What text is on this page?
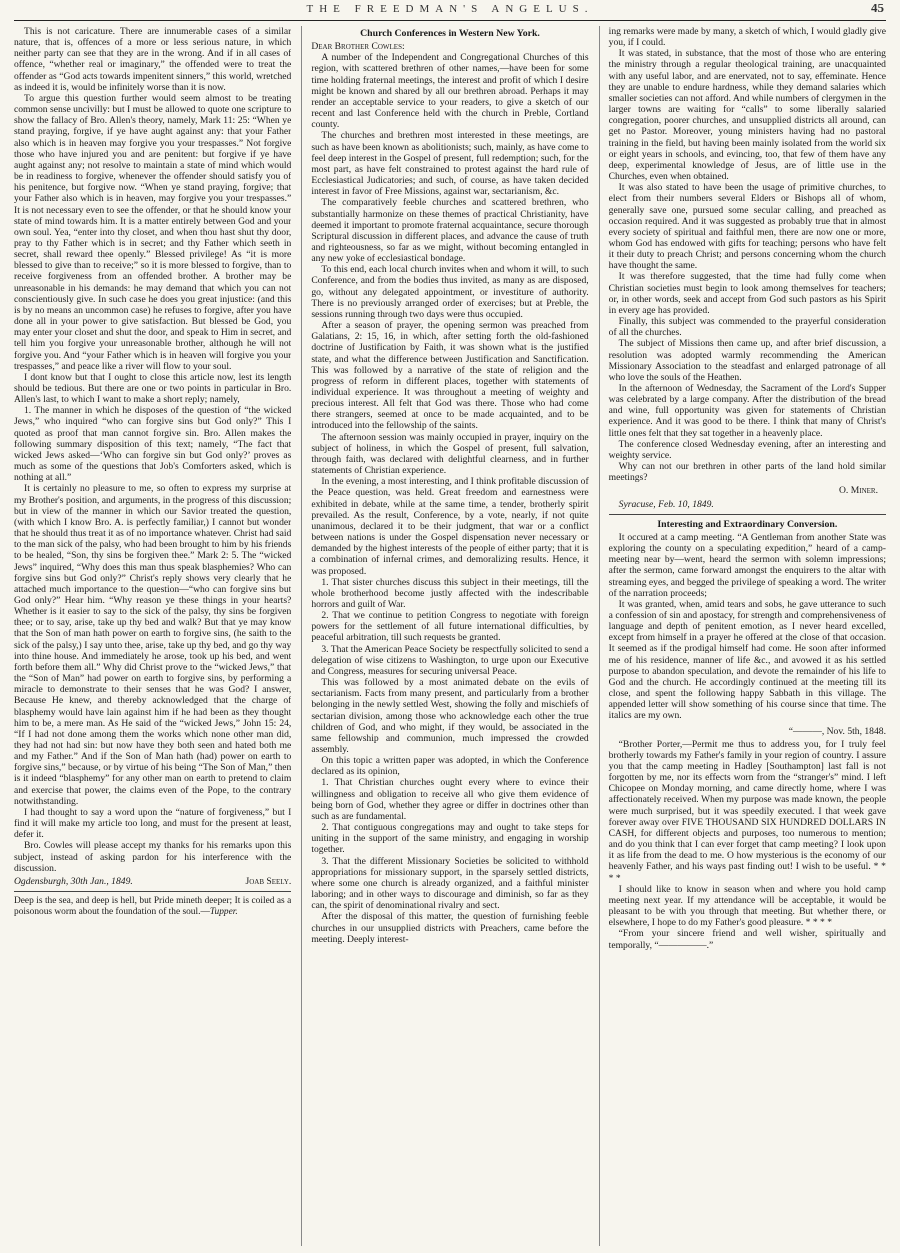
THE FREEDMAN'S ANGELUS.	45

This is not caricature. There are innumerable cases of a similar nature, that is, offences of a more or less serious nature, in which neither party can see that they are in the wrong. And if in all cases of offence, “whether real or imaginary,” the offended were to treat the offender as “God acts towards impenitent sinners,” this world, wretched as indeed it is, would be infinitely worse than it is now.

To argue this question further would seem almost to be treating common sense uncivilly: but I must be allowed to quote one scripture to show the fallacy of Bro. Allen's theory, namely, Mark 11: 25: “When ye stand praying, forgive, if ye have aught against any: that your Father also which is in heaven may forgive you your trespasses.” Not forgive those who have injured you and are penitent: but forgive if ye have aught against any; not resolve to maintain a state of mind which would be in readiness to forgive, whenever the offender should satisfy you of his penitence, but forgive now. “When ye stand praying, forgive; that your Father also which is in heaven, may forgive you your trespasses.” It is not necessary even to see the offender, or that he should know your state of mind towards him. It is a matter entirely between God and your own soul. Yea, “enter into thy closet, and when thou hast shut thy door, pray to thy Father which is in secret; and thy Father which seeth in secret, shall reward thee openly.” Blessed privilege! As “it is more blessed to give than to receive;” so it is more blessed to forgive, than to receive forgiveness from an offended brother. A brother may be unreasonable in his demands: he may demand that which you can not conscientiously give. In such case he does you great injustice: (and this is by no means an uncommon case) he refuses to forgive, after you have done all in your power to give satisfaction. But blessed be God, you may enter your closet and shut the door, and speak to Him in secret, and tell him you forgive your unreasonable brother, although he will not forgive you. And “your Father which is in heaven will forgive you your trespasses,” and peace like a river will flow to your soul.

I dont know but that I ought to close this article now, lest its length should be tedious. But there are one or two points in particular in Bro. Allen's last, to which I want to make a short reply; namely,

1. The manner in which he disposes of the question of “the wicked Jews,” who inquired “who can forgive sins but God only?” This I quoted as proof that man cannot forgive sin. Bro. Allen makes the following summary disposition of this text; namely, “The fact that wicked Jews asked—‘Who can forgive sin but God only?’ proves as much as some of the questions that Job's Comforters asked, which is nothing at all.”

It is certainly no pleasure to me, so often to express my surprise at my Brother's position, and arguments, in the progress of this discussion; but in view of the manner in which our Savior treated the question, (with which I know Bro. A. is perfectly familiar,) I cannot but wonder that he should thus treat it as of no importance whatever. Christ had said to the man sick of the palsy, who had been brought to him by his friends to be healed, “Son, thy sins be forgiven thee.” Mark 2: 5. The “wicked Jews” inquired, “Why does this man thus speak blasphemies? Who can forgive sins but God only?” Christ's reply shows very clearly that he attached much importance to the question—“who can forgive sins but God only?” Hear him. “Why reason ye these things in your hearts? Whether is it easier to say to the sick of the palsy, thy sins be forgiven thee; or to say, arise, take up thy bed and walk? But that ye may know that the Son of man hath power on earth to forgive sins, (he saith to the sick of the palsy,) I say unto thee, arise, take up thy bed, and go thy way into thine house. And immediately he arose, took up his bed, and went forth before them all.” Why did Christ prove to the “wicked Jews,” that the “Son of Man” had power on earth to forgive sins, by performing a miracle to demonstrate to their senses that he was God? I answer, Because He knew, and thereby acknowledged that the charge of blasphemy would have lain against him if he had been as they thought him to be, a mere man. As He said of the “wicked Jews,” John 15: 24, “If I had not done among them the works which none other man did, they had not had sin: but now have they both seen and hated both me and my Father.” And if the Son of Man hath (had) power on earth to forgive sins,” because, or by virtue of his being “The Son of Man,” then is it indeed “blasphemy” for any other man on earth to pretend to claim and exercise that power, the claims even of the Pope, to the contrary notwithstanding.

I had thought to say a word upon the “nature of forgiveness,” but I find it will make my article too long, and must for the present at least, defer it.

Bro. Cowles will please accept my thanks for his remarks upon this subject, instead of asking pardon for his interference with the discussion.

Ogdensburgh, 30th Jan., 1849.	Joab Seely.

Deep is the sea, and deep is hell, but Pride mineth deeper; It is coiled as a poisonous worm about the foundation of the soul.—Tupper.

Church Conferences in Western New York.

Dear Brother Cowles:

A number of the Independent and Congregational Churches of this region, with scattered brethren of other names,—have been for some time holding fraternal meetings, the interest and profit of which I desire might be known and shared by all our brethren abroad. Perhaps it may render an acceptable service to your readers, to give a sketch of our recent and last Conference held with the church in Preble, Cortland county.

The churches and brethren most interested in these meetings, are such as have been known as abolitionists; such, mainly, as have come to feel deep interest in the Gospel of present, full redemption; such, for the most part, as have felt constrained to protest against the hard rule of Ecclesiastical Judicatories; and such, of course, as have taken decided interest in favor of Free Missions, against war, sectarianism, &c.

The comparatively feeble churches and scattered brethren, who substantially harmonize on these themes of practical Christianity, have deemed it important to promote fraternal acquaintance, secure thorough Scriptural discussion in different places, and advance the cause of truth and righteousness, so far as we might, without becoming entangled in any new yoke of ecclesiastical bondage.

To this end, each local church invites when and whom it will, to such Conference, and from the bodies thus invited, as many as are disposed, go, without any delegated appointment, or investiture of authority. There is no previously arranged order of exercises; but at Preble, the sessions running through two days were thus occupied.

After a season of prayer, the opening sermon was preached from Galatians, 2: 15, 16, in which, after setting forth the old-fashioned doctrine of Justification by Faith, it was shown what is the justified state, and what the difference between Justification and Sanctification. This was followed by a narrative of the state of religion and the progress of reform in different places, together with statements of individual experience. It was throughout a meeting of weighty and precious interest. All felt that God was there. Those who had come there strangers, seemed at once to be made acquainted, and to be introduced into the fellowship of the saints.

The afternoon session was mainly occupied in prayer, inquiry on the subject of holiness, in which the Gospel of present, full salvation, through faith, was declared with delightful clearness, and in further statements of Christian experience.

In the evening, a most interesting, and I think profitable discussion of the Peace question, was held. Great freedom and earnestness were exhibited in debate, while at the same time, a tender, brotherly spirit prevailed. As the result, Conference, by a vote, nearly, if not quite unanimous, declared it to be their judgment, that war or a conflict between nations is under the Gospel dispensation never necessary or demanded by the highest interests of the people of either party; that it is a combination of infernal crimes, and demoralizing results. Hence, it was proposed.

1. That sister churches discuss this subject in their meetings, till the whole brotherhood become justly affected with the indescribable horrors and guilt of War.

2. That we continue to petition Congress to negotiate with foreign powers for the settlement of all future international difficulties, by peaceful arbitration, till such requests be granted.

3. That the American Peace Society be respectfully solicited to send a delegation of wise citizens to Washington, to urge upon our Executive and Congress, measures for securing universal Peace.

This was followed by a most animated debate on the evils of sectarianism. Facts from many present, and particularly from a brother belonging in the newly settled West, showing the folly and mischiefs of sectarian division, among those who acknowledge each other the true children of God, and who might, if they would, be associated in the same fellowship and communion, much impressed the crowded assembly.

On this topic a written paper was adopted, in which the Conference declared as its opinion,

1. That Christian churches ought every where to evince their willingness and obligation to receive all who give them evidence of being born of God, whether they agree or differ in doctrines other than such as are fundamental.

2. That contiguous congregations may and ought to take steps for uniting in the support of the same ministry, and engaging in worship together.

3. That the different Missionary Societies be solicited to withhold appropriations for missionary support, in the sparsely settled districts, where some one church is already organized, and a faithful minister laboring; and in other ways to discourage and diminish, so far as they can, the spirit of denominational rivalry and sect.

After the disposal of this matter, the question of furnishing feeble churches in our unsupplied districts with Preachers, came before the meeting. Deeply interest-

ing remarks were made by many, a sketch of which, I would gladly give you, if I could.

It was stated, in substance, that the most of those who are entering the ministry through a regular theological training, are unacquainted with any useful labor, and are enervated, not to say, effeminate. Hence they are unable to endure hardness, while they demand salaries which smaller societies can not afford. And while numbers of clergymen in the larger towns are waiting for “calls” to some liberally salaried congregation, poorer churches, and unsupplied districts all around, can get no Pastor. Moreover, young ministers having had no pastoral training in the field, but having been mainly isolated from the world six or eight years in schools, and evincing, too, that few of them have any deep, experimental knowledge of Jesus, are of little use in the Churches, even when obtained.

It was also stated to have been the usage of primitive churches, to elect from their numbers several Elders or Bishops all of whom, generally save one, pursued some secular calling, and preached as occasion required. And it was suggested as probably true that in almost every society of spiritual and faithful men, there are now one or more, whom God has endowed with gifts for teaching; persons who have felt it their duty to preach Christ; and persons concerning whom the church have thought the same.

It was therefore suggested, that the time had fully come when Christian societies must begin to look among themselves for teachers; or, in other words, seek and accept from God such pastors as his Spirit in every age has provided.

Finally, this subject was commended to the prayerful consideration of all the churches.

The subject of Missions then came up, and after brief discussion, a resolution was adopted warmly recommending the American Missionary Association to the steadfast and enlarged patronage of all who love the souls of the Heathen.

In the afternoon of Wednesday, the Sacrament of the Lord's Supper was celebrated by a large company. After the distribution of the bread and wine, full opportunity was given for statements of Christian experience. And it was good to be there. I think that many of Christ's little ones felt that they sat together in a heavenly place.

The conference closed Wednesday evening, after an interesting and weighty service.

Why can not our brethren in other parts of the land hold similar meetings?

O. Miner.

Syracuse, Feb. 10, 1849.

Interesting and Extraordinary Conversion.

It occured at a camp meeting. “A Gentleman from another State was exploring the county on a speculating expedition,” heard of a camp-meeting near by—went, heard the sermon with solemn impressions; after the sermon, came forward amongst the enquirers to the altar with streaming eyes, and begged the privilege of speaking a word. The writer of the narration proceeds;

It was granted, when, amid tears and sobs, he gave utterance to such a confession of sin and apostacy, for strength and comprehensiveness of language and depth of penitent emotion, as I never heard excelled, except from himself in a prayer he offered at the close of that occasion. It seemed as if the prodigal himself had come. He soon after informed me of his residence, manner of life &c., and avowed it as his settled purpose to abandon speculation, and devote the remainder of his life to God and the church. He accordingly continued at the meeting till its close, and spent the following happy Sabbath in this village. The appended letter will show something of his course since that time. The italics are my own.

“———, Nov. 5th, 1848.

“Brother Porter,—Permit me thus to address you, for I truly feel brotherly towards my Father's family in your region of country. I assure you that the camp meeting in Hadley [Southampton] last fall is not forgotten by me, nor its effects worn from the “stranger's” mind. I left Chicopee on Monday morning, and came directly home, where I was affectionately received. When my purpose was made known, the people were much surprised, but it was speedily executed. I that week gave forever away over FIVE THOUSAND SIX HUNDRED DOLLARS IN CASH, for different objects and purposes, too numerous to mention; and do you think that I can ever forget that camp meeting? I look upon it as life from the dead to me. O how mysterious is the economy of our heavenly Father, and his ways past finding out! I wish to be useful. * * * *

I should like to know in season when and where you hold camp meeting next year. If my attendance will be acceptable, it would be pleasant to be with you through that meeting. But whether there, or elsewhere, I hope to do my Father's good pleasure. * * * *

“From your sincere friend and well wisher, spiritually and temporally, “—————.”
